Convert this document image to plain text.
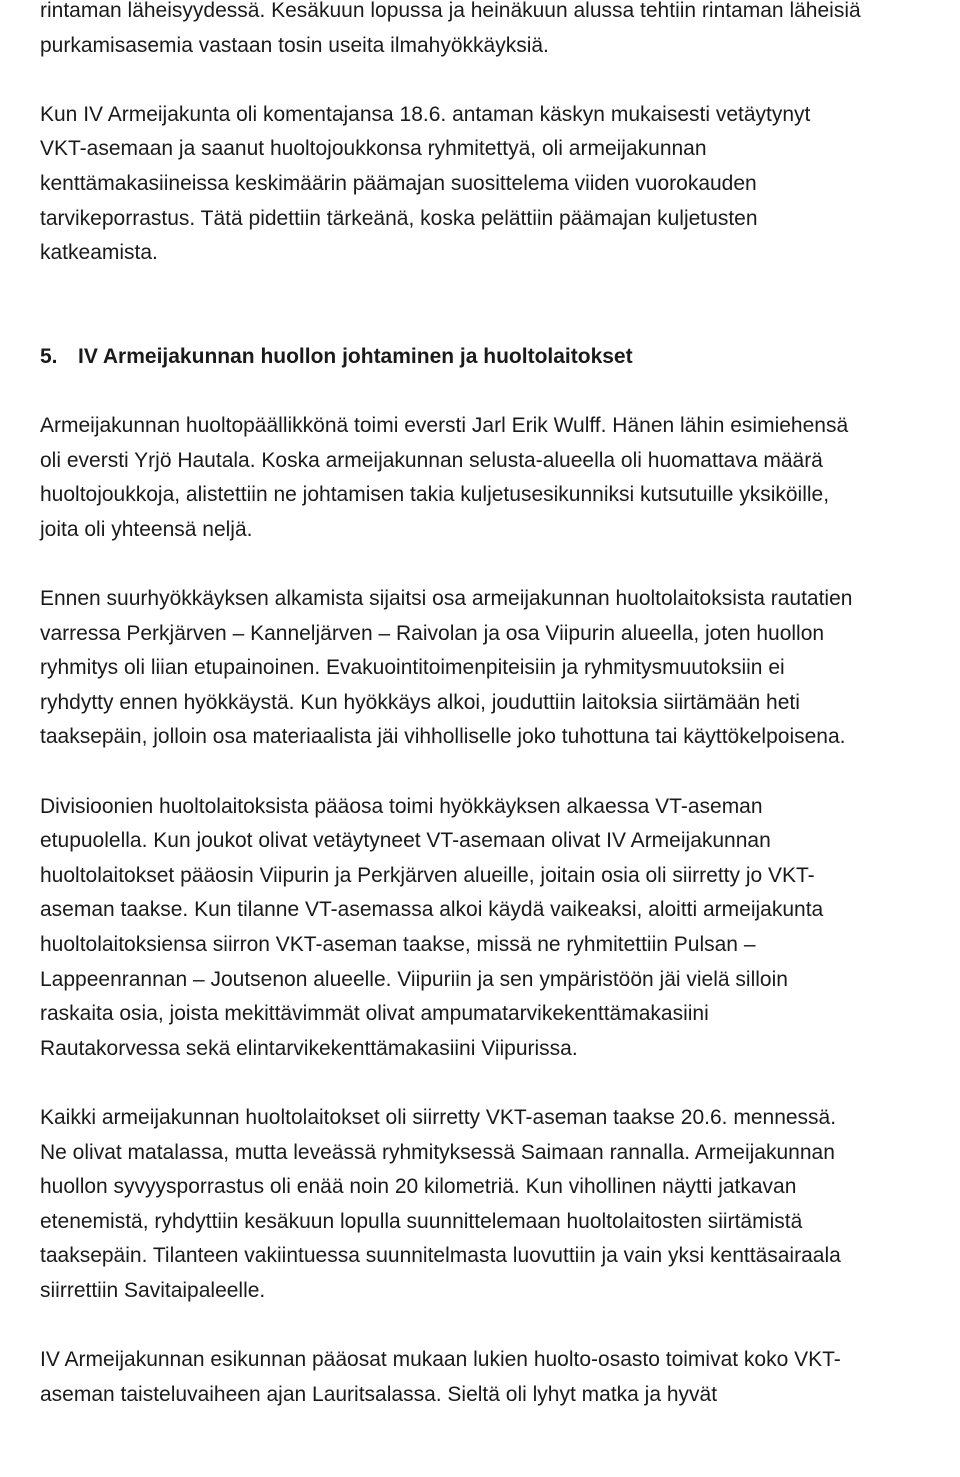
rintaman läheisyydessä. Kesäkuun lopussa ja heinäkuun alussa tehtiin rintaman läheisiä
purkamisasemia vastaan tosin useita ilmahyökkäyksiä.
Kun IV Armeijakunta oli komentajansa 18.6. antaman käskyn mukaisesti vetäytynyt
VKT-asemaan ja saanut huoltojoukkonsa ryhmitettyä, oli armeijakunnan
kenttämakasiineissa keskimäärin päämajan suosittelema viiden vuorokauden
tarvikeporrastus. Tätä pidettiin tärkeänä, koska pelättiin päämajan kuljetusten
katkeamista.
5. IV Armeijakunnan huollon johtaminen ja huoltolaitokset
Armeijakunnan huoltopäällikkönä toimi eversti Jarl Erik Wulff. Hänen lähin esimiehensä
oli eversti Yrjö Hautala. Koska armeijakunnan selusta-alueella oli huomattava määrä
huoltojoukkoja, alistettiin ne johtamisen takia kuljetusesikunniksi kutsutuille yksiköille,
joita oli yhteensä neljä.
Ennen suurhyökkäyksen alkamista sijaitsi osa armeijakunnan huoltolaitoksista rautatien
varressa Perkjärven – Kanneljärven – Raivolan ja osa Viipurin alueella, joten huollon
ryhmitys oli liian etupainoinen. Evakuointitoimenpiteisiin ja ryhmitysmuutoksiin ei
ryhdytty ennen hyökkäystä. Kun hyökkäys alkoi, jouduttiin laitoksia siirtämään heti
taaksepäin, jolloin osa materiaalista jäi vihholliselle joko tuhottuna tai käyttökelpoisena.
Divisioonien huoltolaitoksista pääosa toimi hyökkäyksen alkaessa VT-aseman
etupuolella. Kun joukot olivat vetäytyneet VT-asemaan olivat IV Armeijakunnan
huoltolaitokset pääosin Viipurin ja Perkjärven alueille, joitain osia oli siirretty jo VKT-
aseman taakse. Kun tilanne VT-asemassa alkoi käydä vaikeaksi, aloitti armeijakunta
huoltolaitoksiensa siirron VKT-aseman taakse, missä ne ryhmitettiin Pulsan –
Lappeenrannan – Joutsenon alueelle. Viipuriin ja sen ympäristöön jäi vielä silloin
raskaita osia, joista mekittävimmät olivat ampumatarvikekenttämakasiini
Rautakorvessa sekä elintarvikekenttämakasiini Viipurissa.
Kaikki armeijakunnan huoltolaitokset oli siirretty VKT-aseman taakse 20.6. mennessä.
Ne olivat matalassa, mutta leveässä ryhmityksessä Saimaan rannalla. Armeijakunnan
huollon syvyysporrastus oli enää noin 20 kilometriä. Kun vihollinen näytti jatkavan
etenemistä, ryhdyttiin kesäkuun lopulla suunnittelemaan huoltolaitosten siirtämistä
taaksepäin. Tilanteen vakiintuessa suunnitelmasta luovuttiin ja vain yksi kenttäsairaala
siirrettiin Savitaipaleelle.
IV Armeijakunnan esikunnan pääosat mukaan lukien huolto-osasto toimivat koko VKT-
aseman taisteluvaiheen ajan Lauritsalassa. Sieltä oli lyhyt matka ja hyvät
